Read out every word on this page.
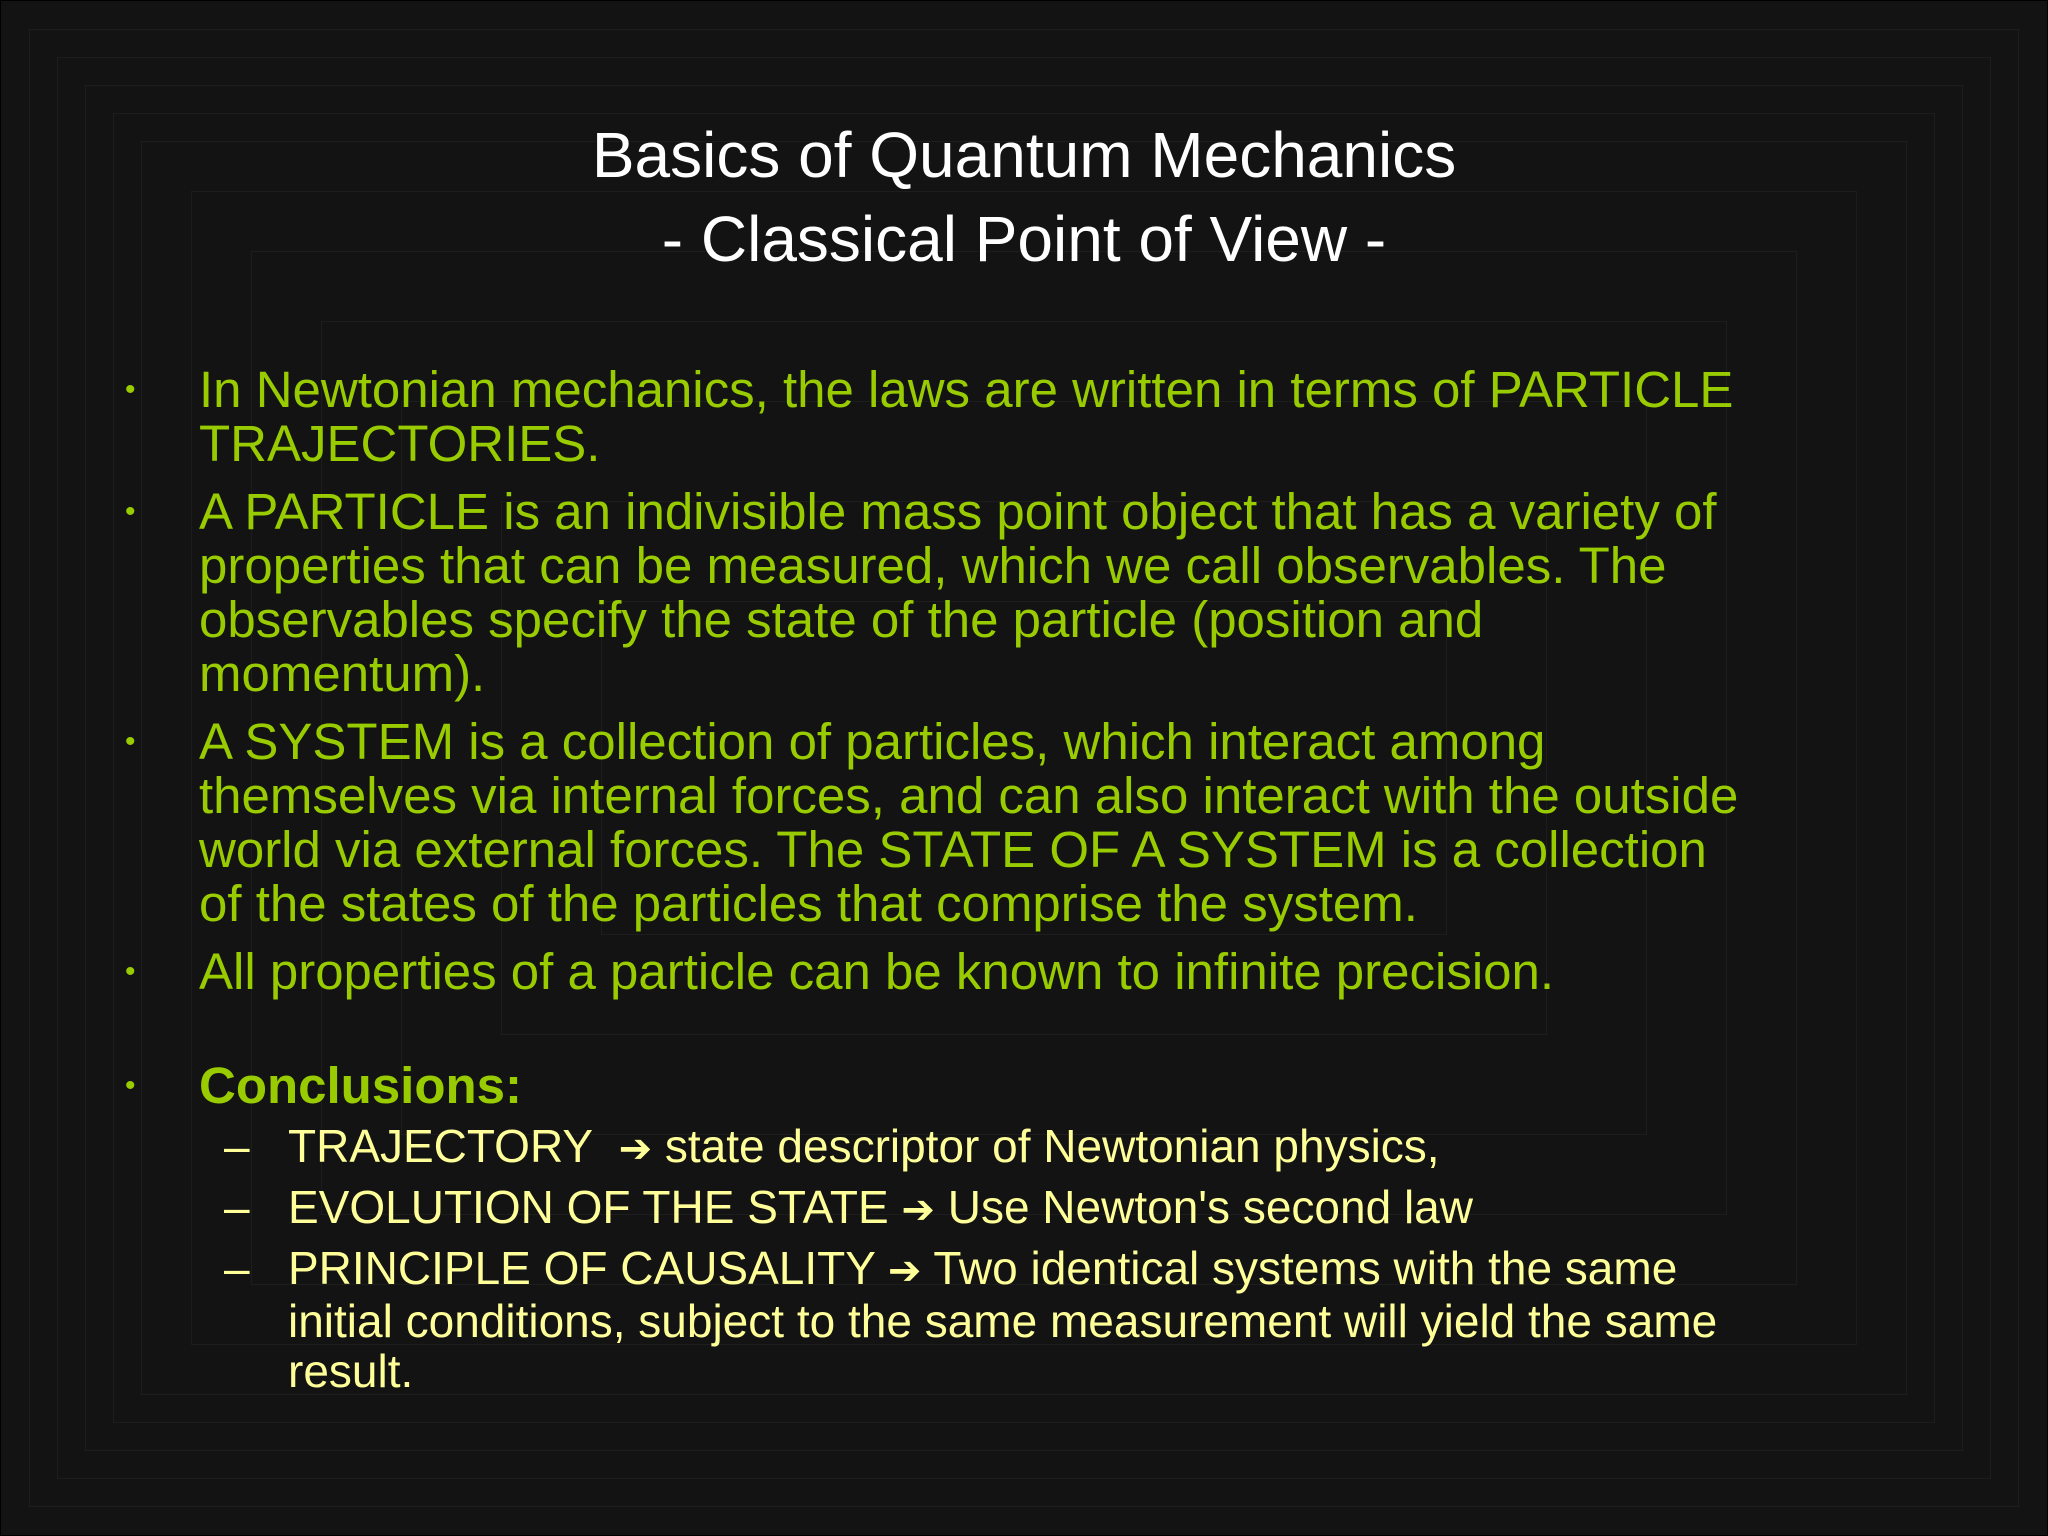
Basics of Quantum Mechanics
- Classical Point of View -
• In Newtonian mechanics, the laws are written in terms of PARTICLE
TRAJECTORIES.
• A PARTICLE is an indivisible mass point object that has a variety of
properties that can be measured, which we call observables. The
observables specify the state of the particle (position and
momentum).
• A SYSTEM is a collection of particles, which interact among
themselves via internal forces, and can also interact with the outside
world via external forces. The STATE OF A SYSTEM is a collection
of the states of the particles that comprise the system.
• All properties of a particle can be known to infinite precision.
• Conclusions:
– TRAJECTORY ➔ state descriptor of Newtonian physics,
– EVOLUTION OF THE STATE ➔ Use Newton's second law
– PRINCIPLE OF CAUSALITY ➔ Two identical systems with the same
initial conditions, subject to the same measurement will yield the same
result.
